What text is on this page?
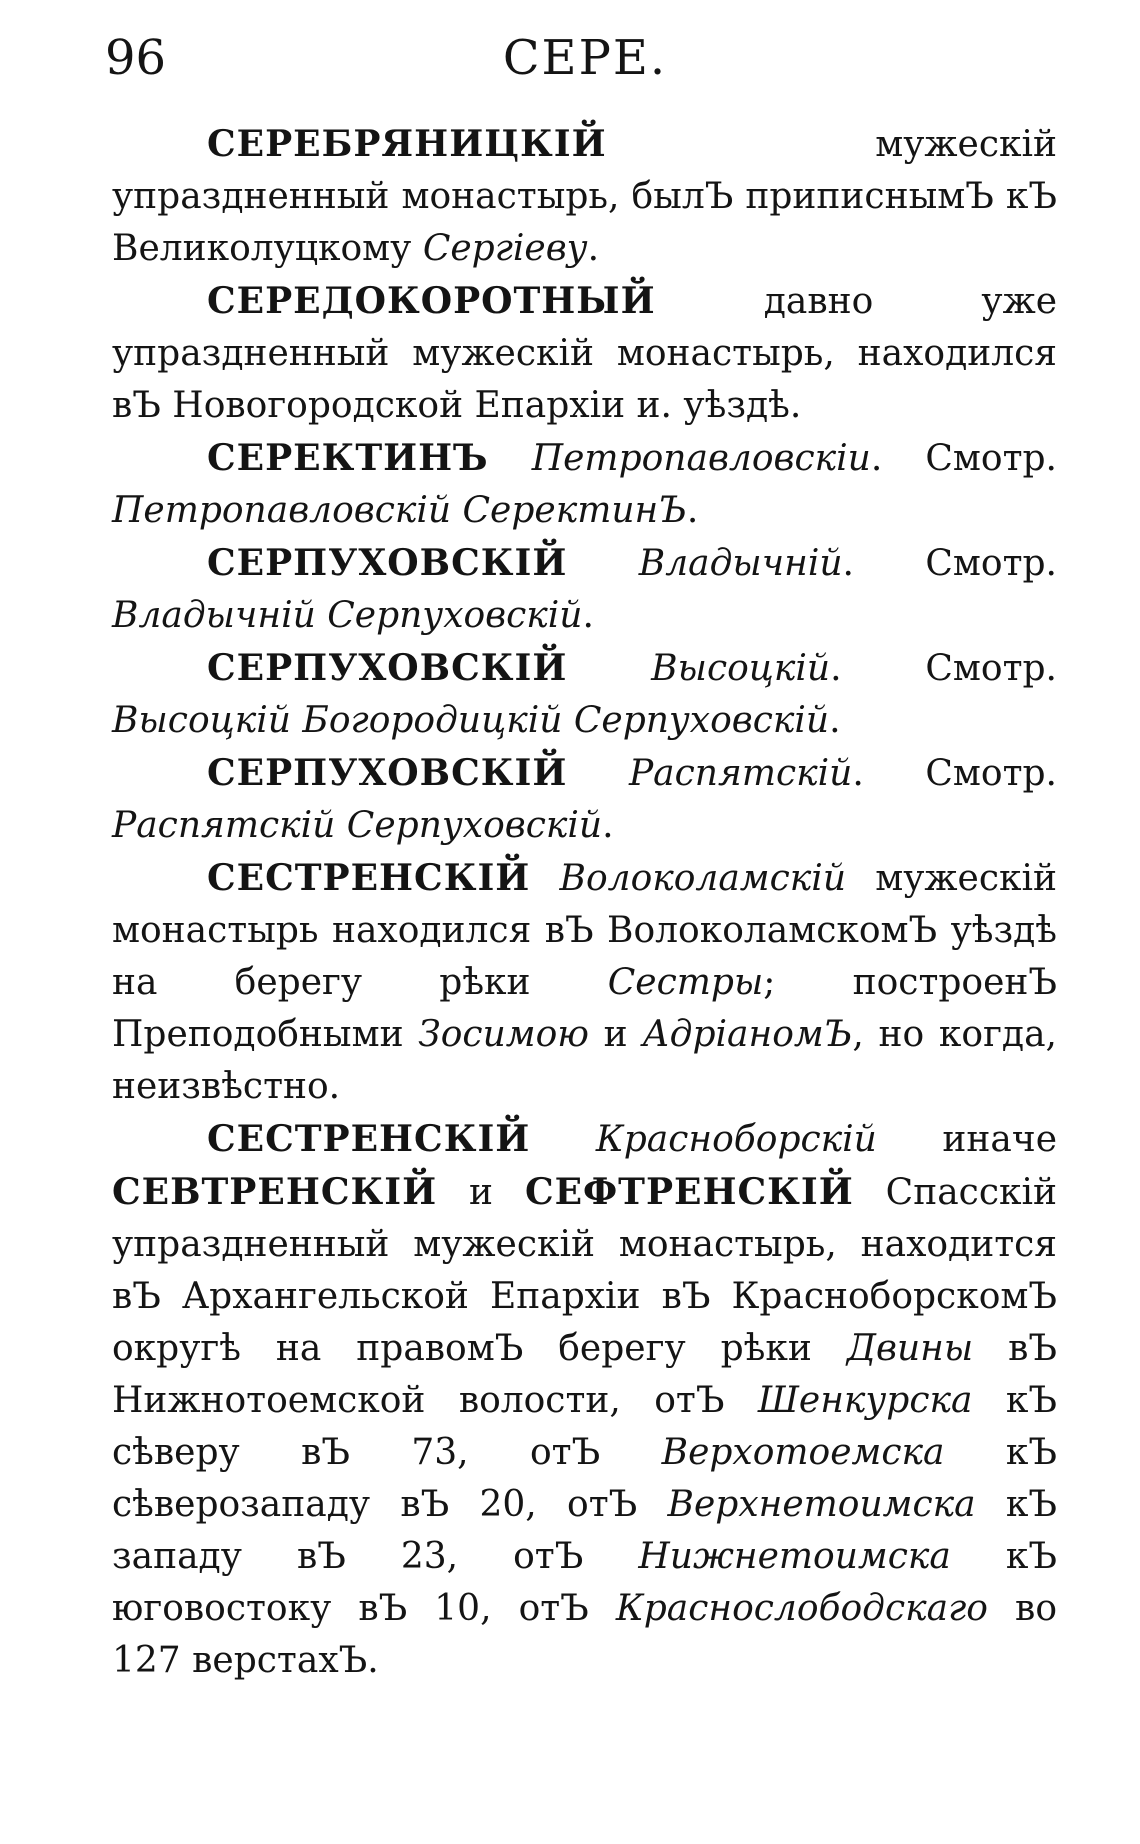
96	СЕРЕ.

СЕРЕБРЯНИЦКІЙ мужескій упраздненный монастырь, былЪ приписнымЪ кЪ Великолуцкому Сергіеву.

СЕРЕДОКОРОТНЫЙ давно уже упраздненный мужескій монастырь, находился вЪ Новогородской Епархіи и. уѣздѣ.

СЕРЕКТИНЪ Петропавловскіи. Смотр. Петропавловскій СеректинЪ.

СЕРПУХОВСКІЙ Владычній. Смотр. Владычній Серпуховскій.

СЕРПУХОВСКІЙ Высоцкій. Смотр. Высоцкій Богородицкій Серпуховскій.

СЕРПУХОВСКІЙ Распятскій. Смотр. Распятскій Серпуховскій.

СЕСТРЕНСКІЙ Волоколамскій мужескій монастырь находился вЪ ВолоколамскомЪ уѣздѣ на берегу рѣки Сестры; построенЪ Преподобными Зосимою и АдріаномЪ, но когда, неизвѣстно.

СЕСТРЕНСКІЙ Красноборскій иначе СЕВТРЕНСКІЙ и СЕФТРЕНСКІЙ Спасскій упраздненный мужескій монастырь, находится вЪ Архангельской Епархіи вЪ КрасноборскомЪ округѣ на правомЪ берегу рѣки Двины вЪ Нижнотоемской волости, отЪ Шенкурска кЪ сѣверу вЪ 73, отЪ Верхотоемска кЪ сѣверозападу вЪ 20, отЪ Верхнетоимска кЪ западу вЪ 23, отЪ Нижнетоимска кЪ юговостоку вЪ 10, отЪ Краснослободскаго во 127 верстахЪ.
